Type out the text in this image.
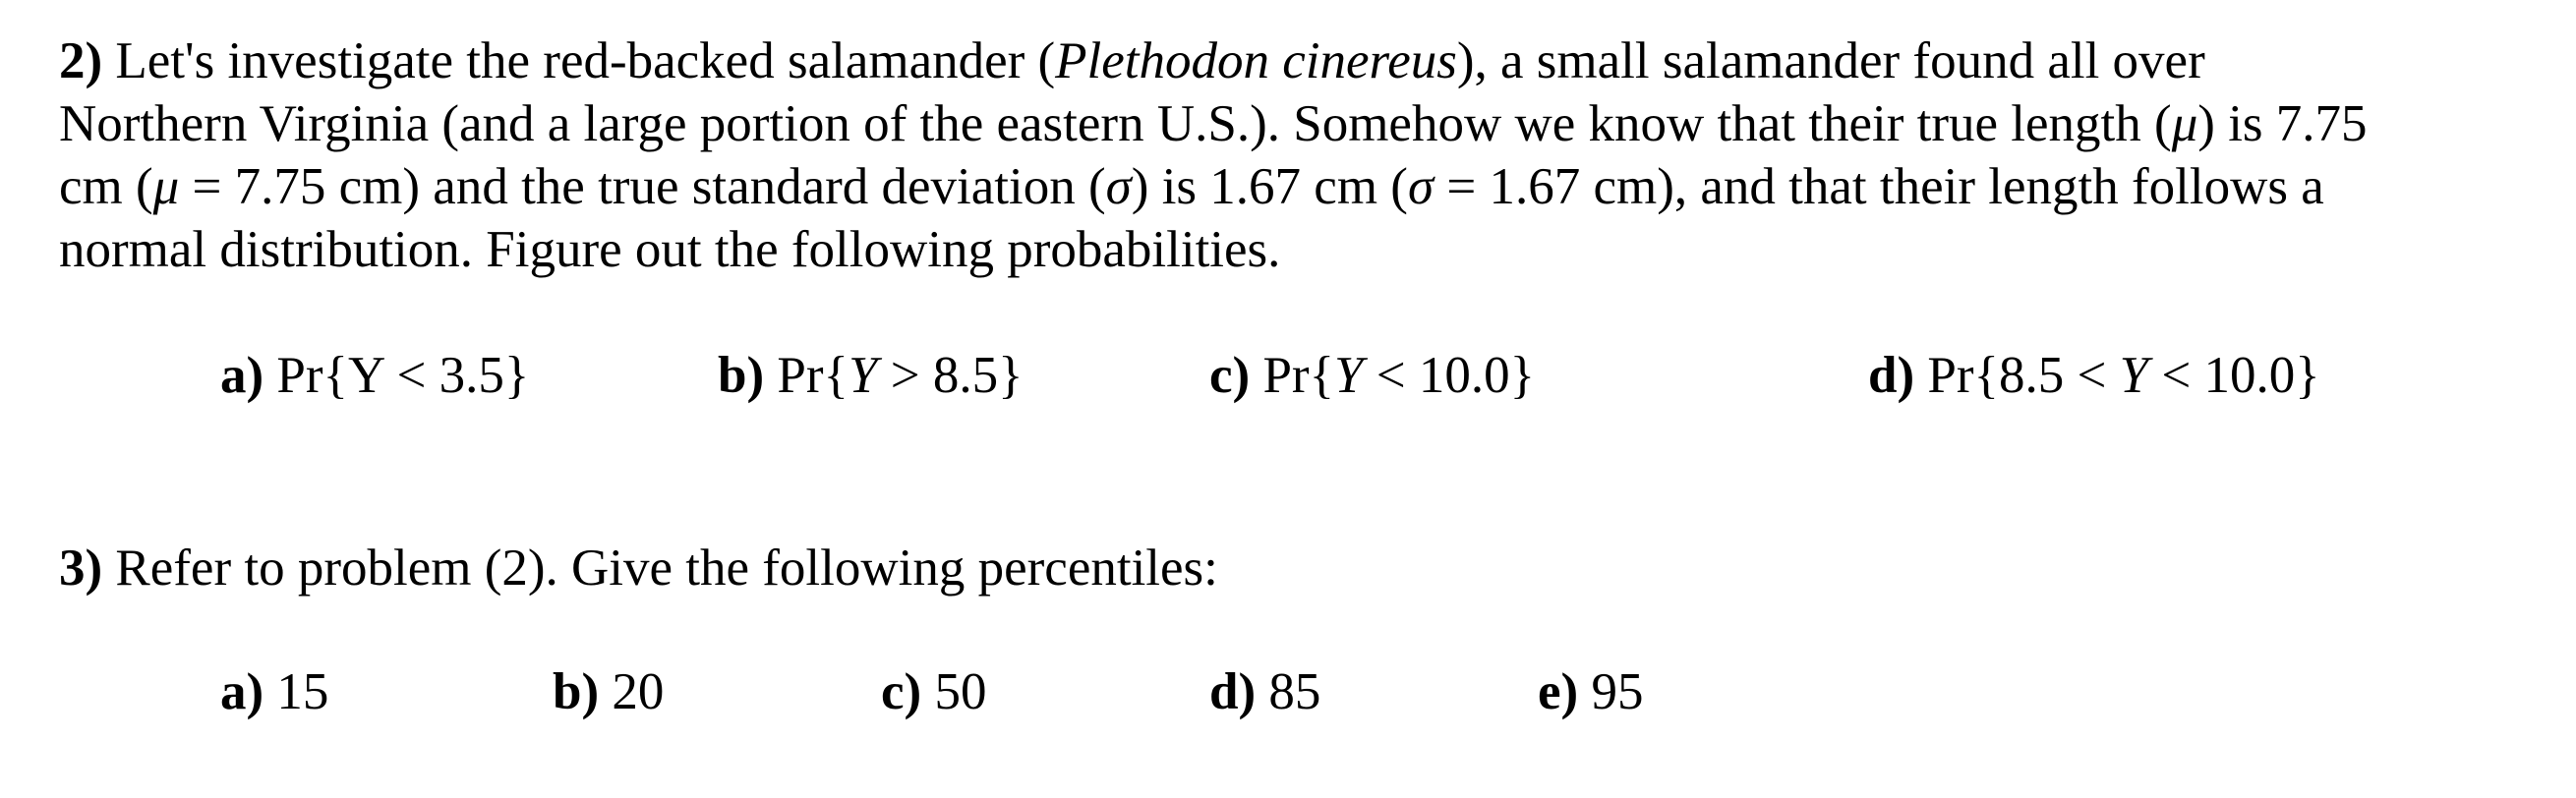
2) Let's investigate the red-backed salamander (Plethodon cinereus), a small salamander found all over
Northern Virginia (and a large portion of the eastern U.S.). Somehow we know that their true length (μ) is 7.75
cm (μ = 7.75 cm) and the true standard deviation (σ) is 1.67 cm (σ = 1.67 cm), and that their length follows a
normal distribution. Figure out the following probabilities.

a) Pr{Y < 3.5}	b) Pr{Y > 8.5}	c) Pr{Y < 10.0}	d) Pr{8.5 < Y < 10.0}
3) Refer to problem (2). Give the following percentiles:
a) 15	b) 20	c) 50	d) 85	e) 95
